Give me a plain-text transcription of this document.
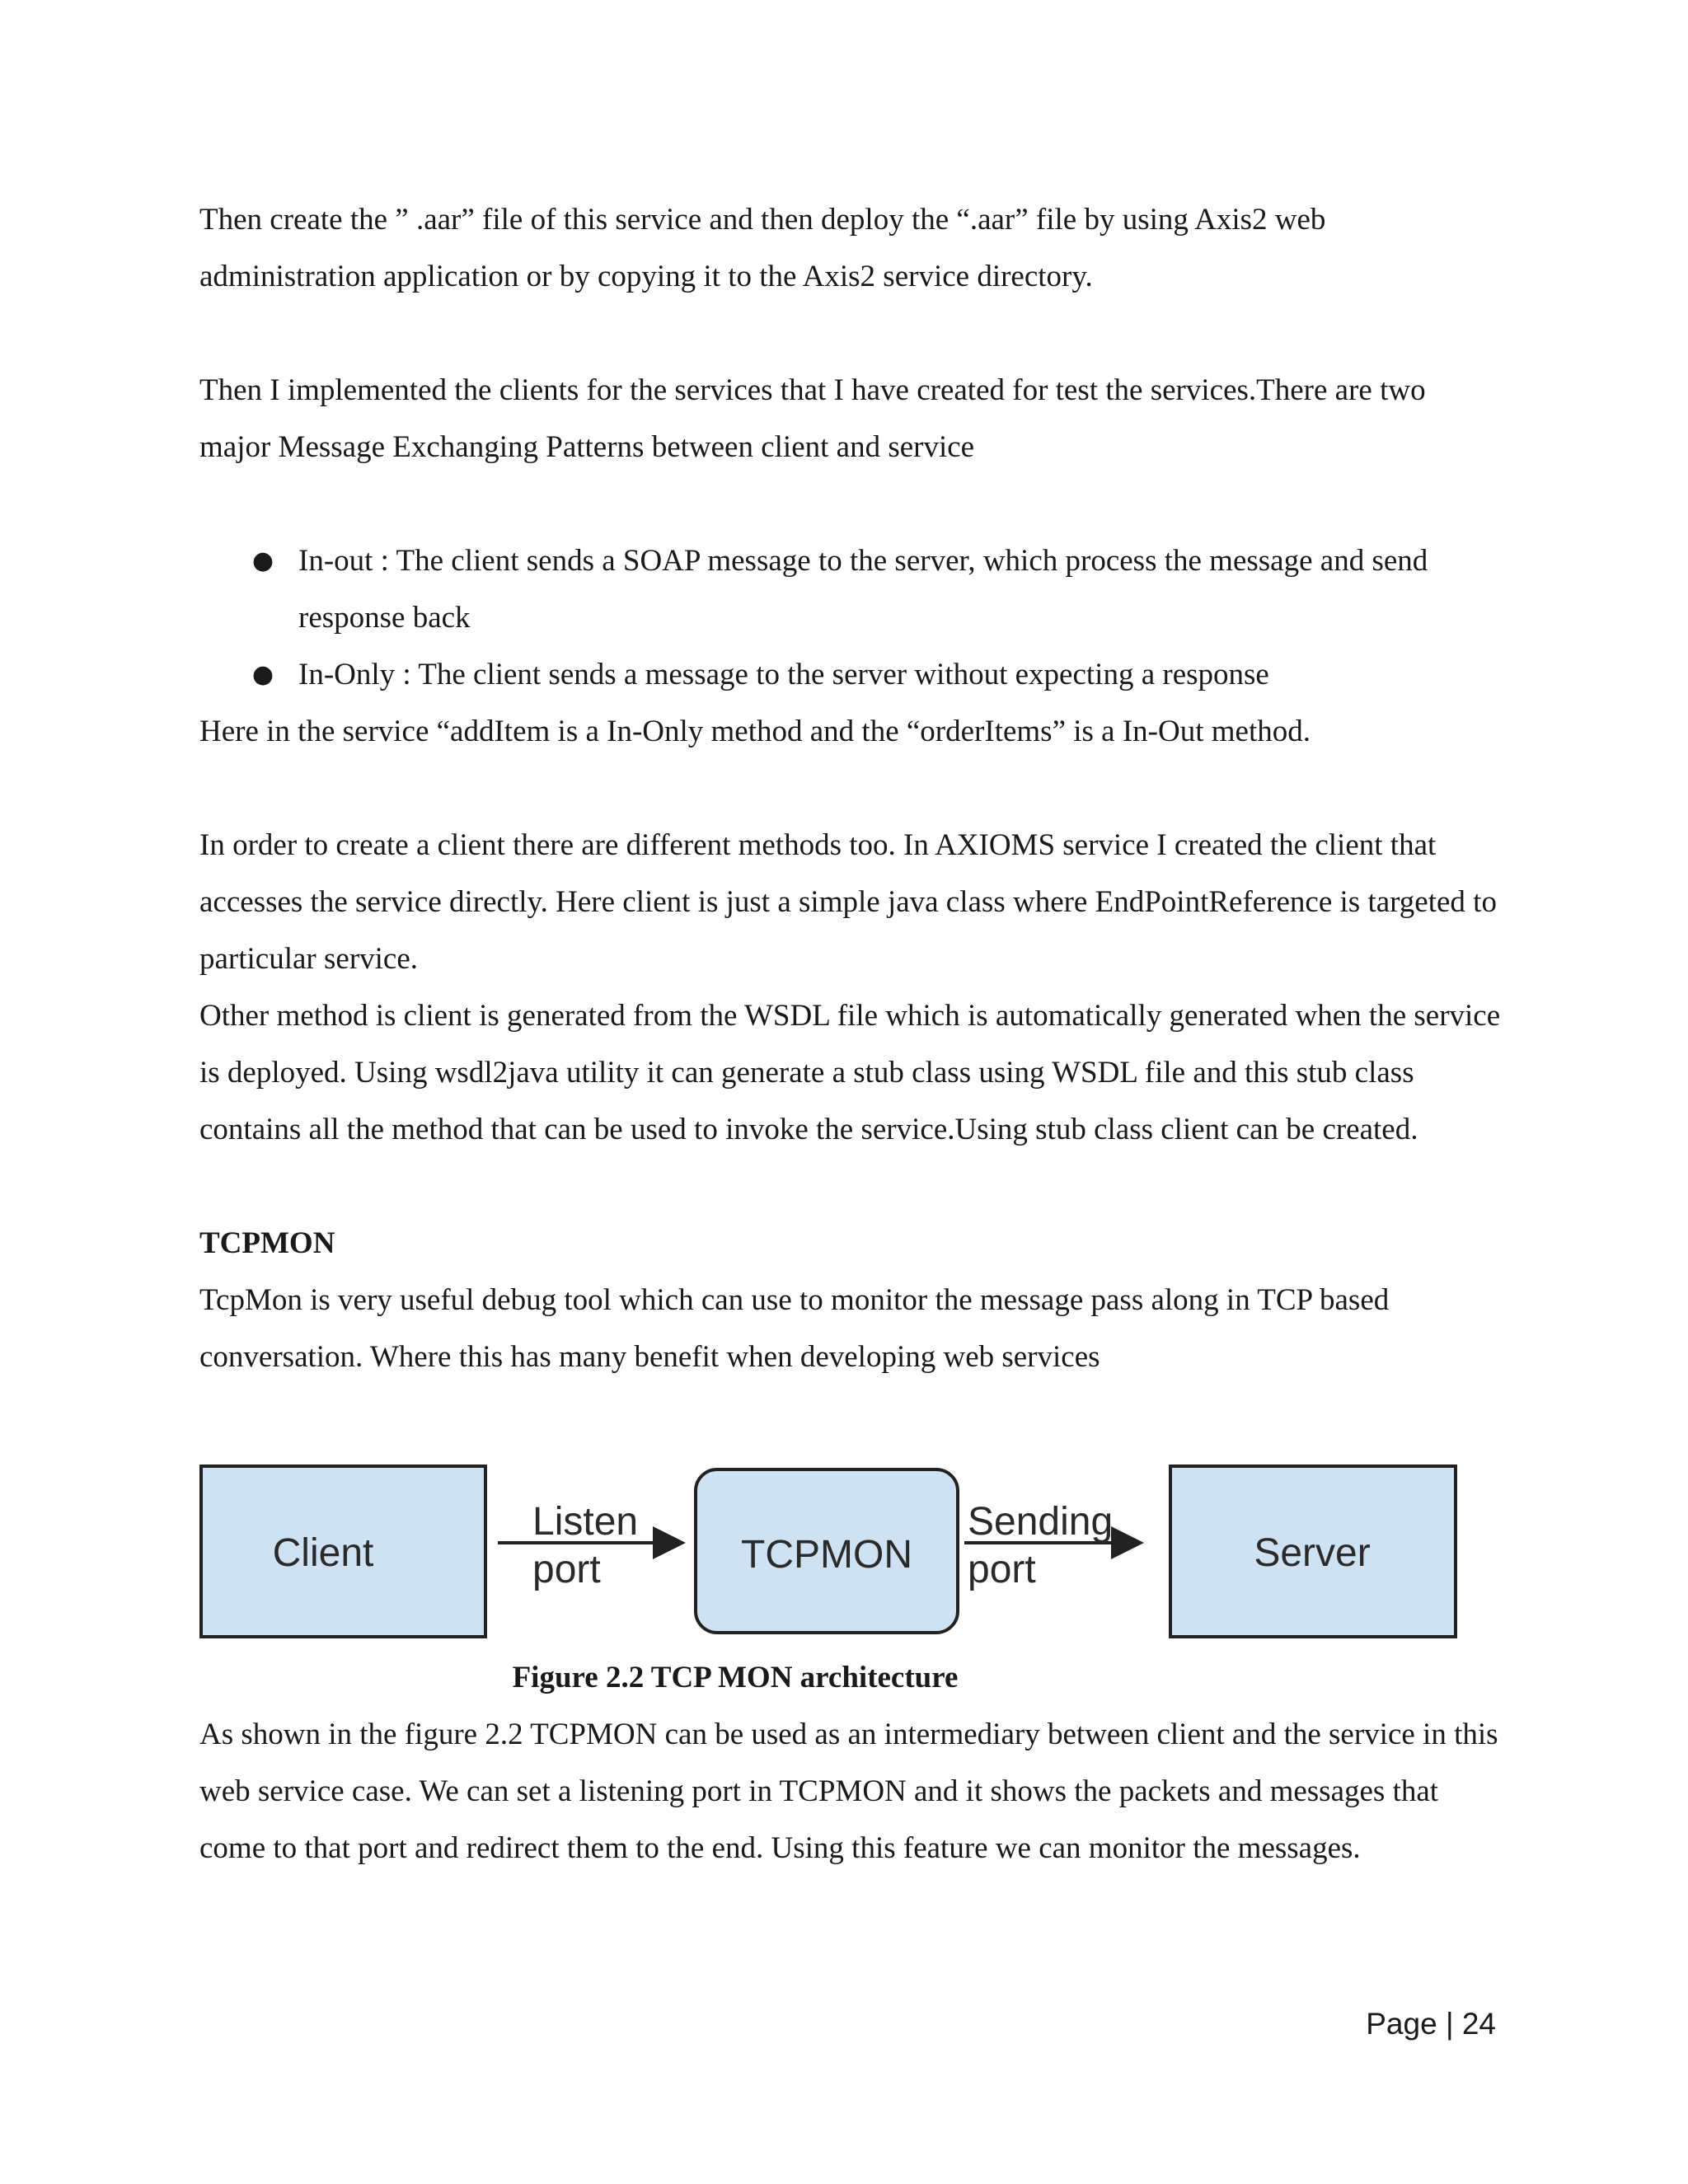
Then create the ” .aar” file of this service and then deploy the “.aar” file by using Axis2 web administration application or by copying it to the Axis2 service directory.

Then I implemented the clients for the services that I have created for test the services.There are two major Message Exchanging Patterns between client and service

● In-out : The client sends a SOAP message to the server, which process the message and send response back
● In-Only : The client sends a message to the server without expecting a response

Here in the service “addItem is a In-Only method and the “orderItems” is a In-Out method.

In order to create a client there are different methods too. In AXIOMS service I created the client that accesses the service directly. Here client is just a simple java class where EndPointReference is targeted to particular service.

Other method is client is generated from the WSDL file which is automatically generated when the service is deployed. Using wsdl2java utility it can generate a stub class using WSDL file and this stub class contains all the method that can be used to invoke the service.Using stub class client can be created.

TCPMON

TcpMon is very useful debug tool which can use to monitor the message pass along in TCP based conversation. Where this has many benefit when developing web services

Client
Listen
port	TCPMON
Sending
port	Server

Figure 2.2 TCP MON architecture

As shown in the figure 2.2 TCPMON can be used as an intermediary between client and the service in this web service case. We can set a listening port in TCPMON and it shows the packets and messages that come to that port and redirect them to the end. Using this feature we can monitor the messages.

Page | 24
